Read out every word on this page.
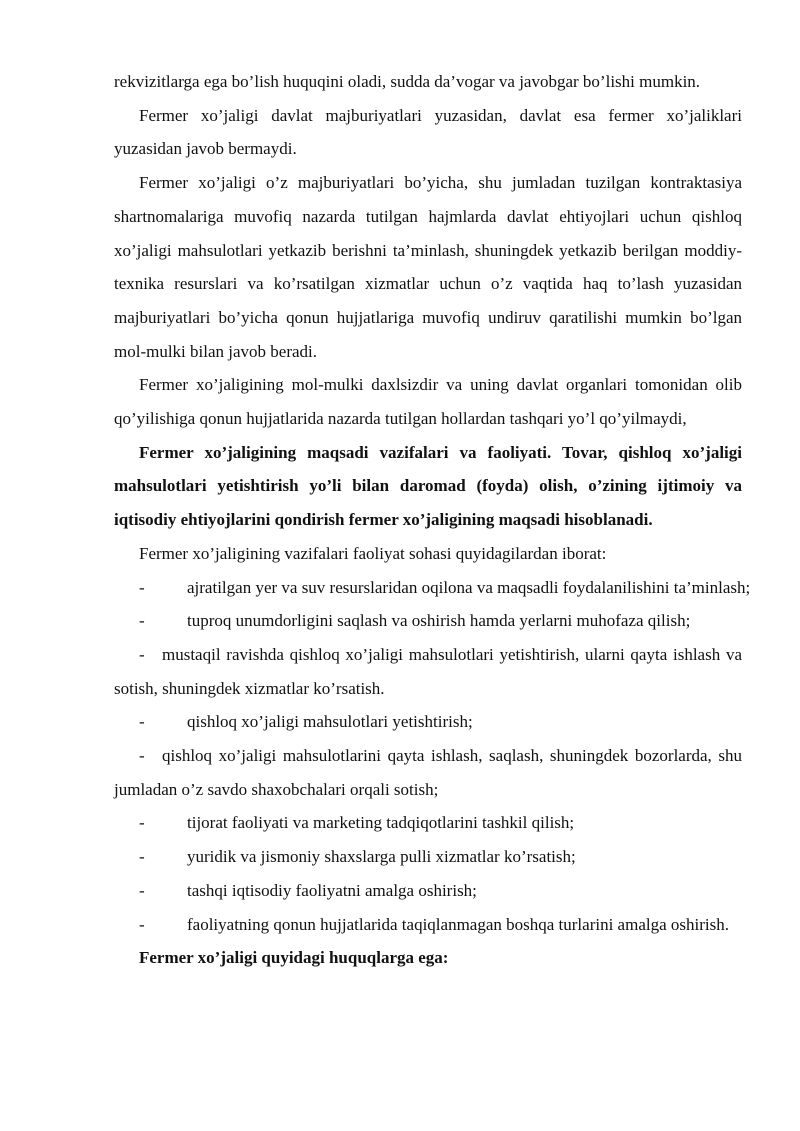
rekvizitlarga ega bo’lish huquqini oladi, sudda da’vogar va javobgar bo’lishi mumkin.

Fermer xo’jaligi davlat majburiyatlari yuzasidan, davlat esa fermer xo’jaliklari yuzasidan javob bermaydi.

Fermer xo’jaligi o’z majburiyatlari bo’yicha, shu jumladan tuzilgan kontraktasiya shartnomalariga muvofiq nazarda tutilgan hajmlarda davlat ehtiyojlari uchun qishloq xo’jaligi mahsulotlari yetkazib berishni ta’minlash, shuningdek yetkazib berilgan moddiy-texnika resurslari va ko’rsatilgan xizmatlar uchun o’z vaqtida haq to’lash yuzasidan majburiyatlari bo’yicha qonun hujjatlariga muvofiq undiruv qaratilishi mumkin bo’lgan mol-mulki bilan javob beradi.

Fermer xo’jaligining mol-mulki daxlsizdir va uning davlat organlari tomonidan olib qo’yilishiga qonun hujjatlarida nazarda tutilgan hollardan tashqari yo’l qo’yilmaydi,

Fermer xo’jaligining maqsadi vazifalari va faoliyati. Tovar, qishloq xo’jaligi mahsulotlari yetishtirish yo’li bilan daromad (foyda) olish, o’zining ijtimoiy va iqtisodiy ehtiyojlarini qondirish fermer xo’jaligining maqsadi hisoblanadi.

Fermer xo’jaligining vazifalari faoliyat sohasi quyidagilardan iborat:

- ajratilgan yer va suv resurslaridan oqilona va maqsadli foydalanilishini ta’minlash;
- tuproq unumdorligini saqlash va oshirish hamda yerlarni muhofaza qilish;

- mustaqil ravishda qishloq xo’jaligi mahsulotlari yetishtirish, ularni qayta ishlash va sotish, shuningdek xizmatlar ko’rsatish.

- qishloq xo’jaligi mahsulotlari yetishtirish;

- qishloq xo’jaligi mahsulotlarini qayta ishlash, saqlash, shuningdek bozorlarda, shu jumladan o’z savdo shaxobchalari orqali sotish;

- tijorat faoliyati va marketing tadqiqotlarini tashkil qilish;
- yuridik va jismoniy shaxslarga pulli xizmatlar ko’rsatish;
- tashqi iqtisodiy faoliyatni amalga oshirish;
- faoliyatning qonun hujjatlarida taqiqlanmagan boshqa turlarini amalga oshirish.

Fermer xo’jaligi quyidagi huquqlarga ega:
